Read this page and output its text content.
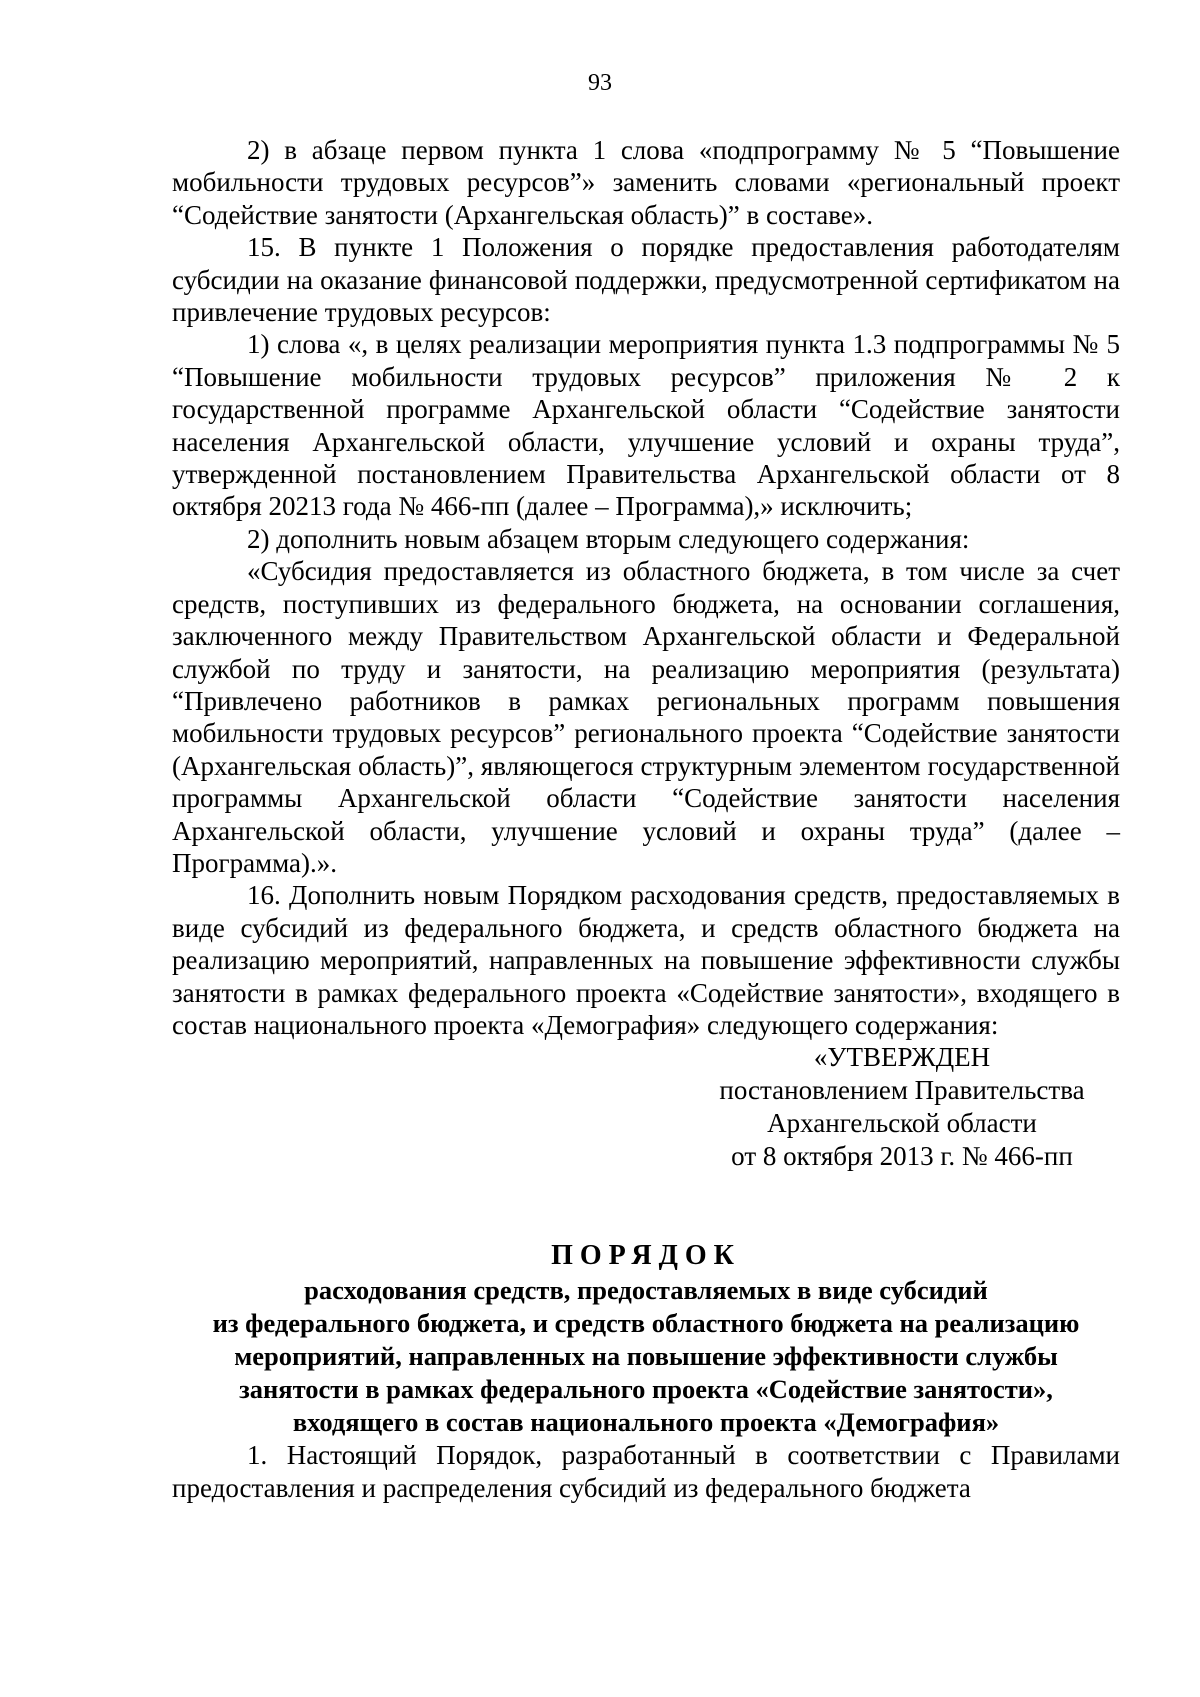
93

2) в абзаце первом пункта 1 слова «подпрограмму № 5 “Повышение мобильности трудовых ресурсов”» заменить словами «региональный проект “Содействие занятости (Архангельская область)” в составе».

15. В пункте 1 Положения о порядке предоставления работодателям субсидии на оказание финансовой поддержки, предусмотренной сертификатом на привлечение трудовых ресурсов:

1) слова «, в целях реализации мероприятия пункта 1.3 подпрограммы № 5 “Повышение мобильности трудовых ресурсов” приложения № 2 к государственной программе Архангельской области “Содействие занятости населения Архангельской области, улучшение условий и охраны труда”, утвержденной постановлением Правительства Архангельской области от 8 октября 20213 года № 466-пп (далее – Программа),» исключить;

2) дополнить новым абзацем вторым следующего содержания:

«Субсидия предоставляется из областного бюджета, в том числе за счет средств, поступивших из федерального бюджета, на основании соглашения, заключенного между Правительством Архангельской области и Федеральной службой по труду и занятости, на реализацию мероприятия (результата) “Привлечено работников в рамках региональных программ повышения мобильности трудовых ресурсов” регионального проекта “Содействие занятости (Архангельская область)”, являющегося структурным элементом государственной программы Архангельской области “Содействие занятости населения Архангельской области, улучшение условий и охраны труда” (далее – Программа).».

16. Дополнить новым Порядком расходования средств, предоставляемых в виде субсидий из федерального бюджета, и средств областного бюджета на реализацию мероприятий, направленных на повышение эффективности службы занятости в рамках федерального проекта «Содействие занятости», входящего в состав национального проекта «Демография» следующего содержания:

«УТВЕРЖДЕН
постановлением Правительства
Архангельской области
от 8 октября 2013 г. № 466-пп
ПОРЯДОК
расходования средств, предоставляемых в виде субсидий
из федерального бюджета, и средств областного бюджета на реализацию
мероприятий, направленных на повышение эффективности службы
занятости в рамках федерального проекта «Содействие занятости»,
входящего в состав национального проекта «Демография»

1. Настоящий Порядок, разработанный в соответствии с Правилами предоставления и распределения субсидий из федерального бюджета
